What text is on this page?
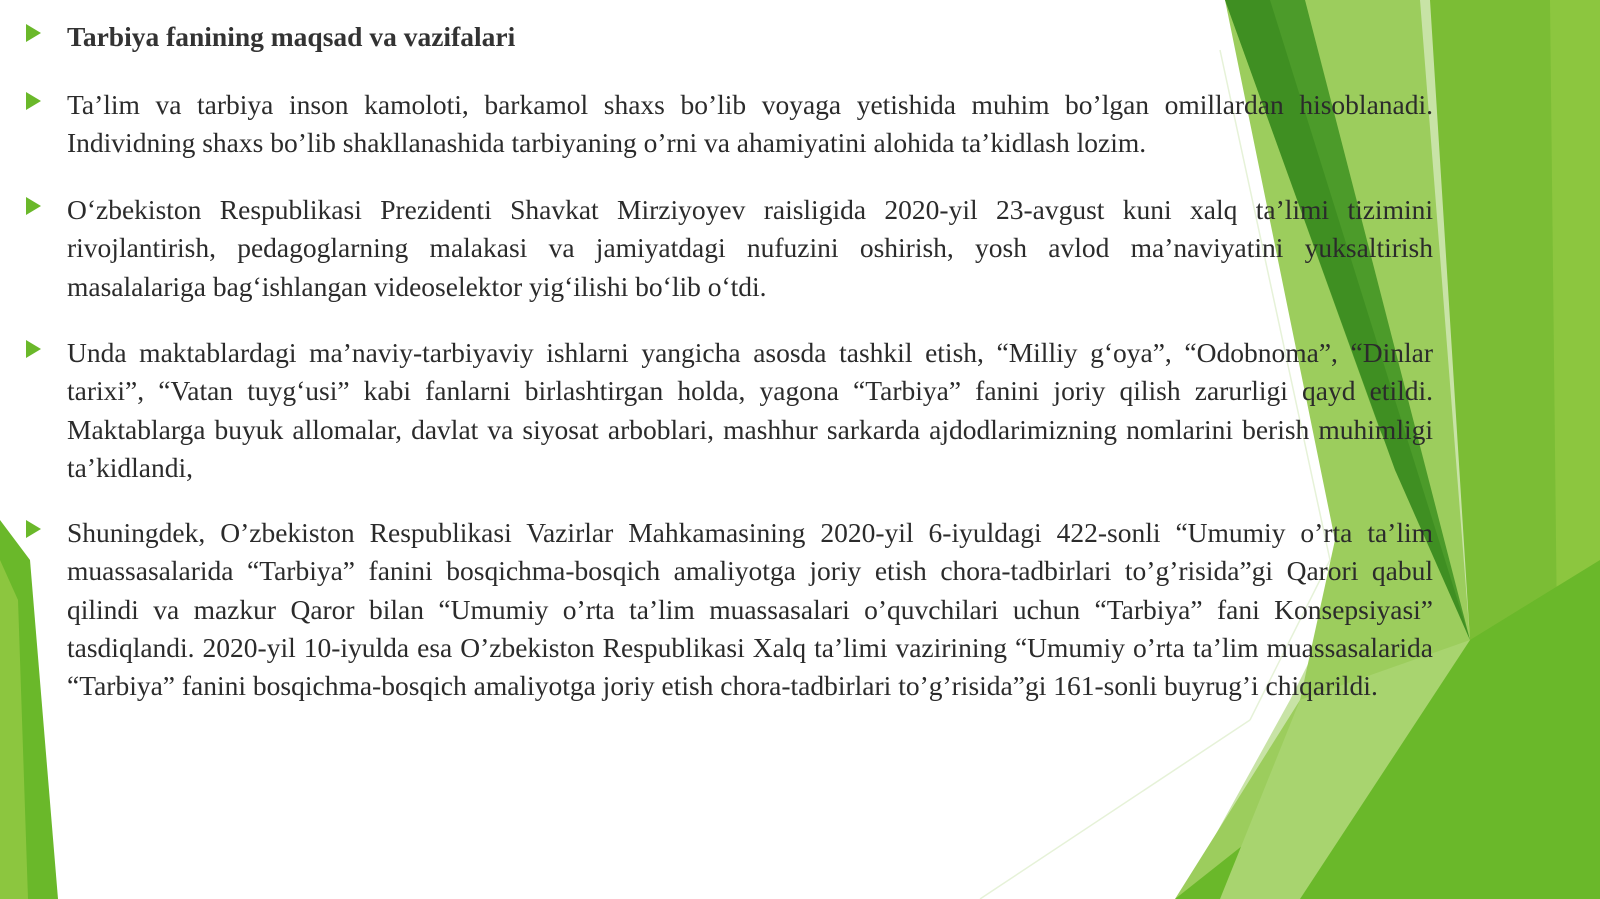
Tarbiya fanining maqsad va vazifalari
Ta’lim va tarbiya inson kamoloti, barkamol shaxs bo’lib voyaga yetishida muhim bo’lgan omillardan hisoblanadi. Individning shaxs bo’lib shakllanashida tarbiyaning o’rni va ahamiyatini alohida ta’kidlash lozim.
O‘zbekiston Respublikasi Prezidenti Shavkat Mirziyoyev raisligida 2020-yil 23-avgust kuni xalq ta’limi tizimini rivojlantirish, pedagoglarning malakasi va jamiyatdagi nufuzini oshirish, yosh avlod ma’naviyatini yuksaltirish masalalariga bag‘ishlangan videoselektor yig‘ilishi bo‘lib o‘tdi.
Unda maktablardagi ma’naviy-tarbiyaviy ishlarni yangicha asosda tashkil etish, “Milliy g‘oya”, “Odobnoma”, “Dinlar tarixi”, “Vatan tuyg‘usi” kabi fanlarni birlashtirgan holda, yagona “Tarbiya” fanini joriy qilish zarurligi qayd etildi. Maktablarga buyuk allomalar, davlat va siyosat arboblari, mashhur sarkarda ajdodlarimizning nomlarini berish muhimligi ta’kidlandi,
Shuningdek, O’zbekiston Respublikasi Vazirlar Mahkamasining 2020-yil 6-iyuldagi 422-sonli “Umumiy o’rta ta’lim muassasalarida “Tarbiya” fanini bosqichma-bosqich amaliyotga joriy etish chora-tadbirlari to’g’risida”gi Qarori qabul qilindi va mazkur Qaror bilan “Umumiy o’rta ta’lim muassasalari o’quvchilari uchun “Tarbiya” fani Konsepsiyasi” tasdiqlandi. 2020-yil 10-iyulda esa O’zbekiston Respublikasi Xalq ta’limi vazirining “Umumiy o’rta ta’lim muassasalarida “Tarbiya” fanini bosqichma-bosqich amaliyotga joriy etish chora-tadbirlari to’g’risida”gi 161-sonli buyrug’i chiqarildi.
